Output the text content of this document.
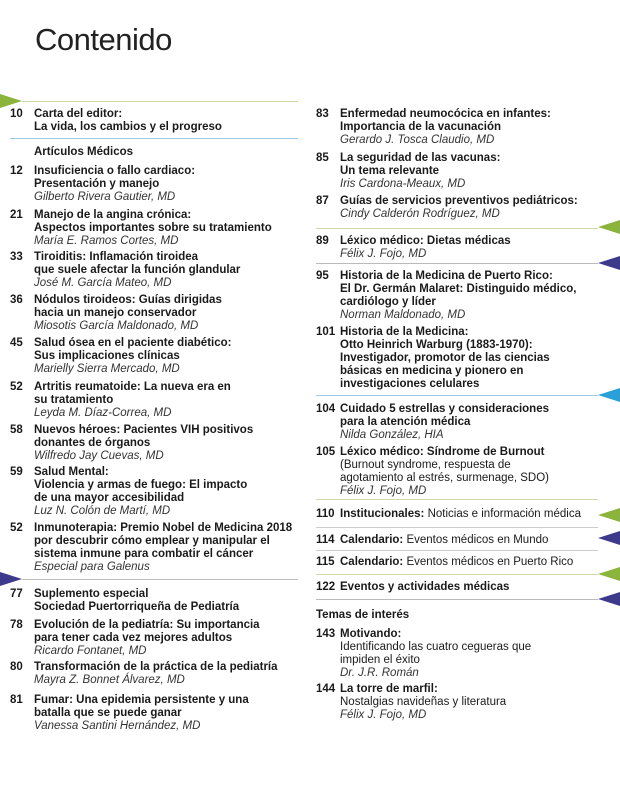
Contenido
10 Carta del editor:
La vida, los cambios y el progreso
Artículos Médicos
12 Insuficiencia o fallo cardiaco:
Presentación y manejo
Gilberto Rivera Gautier, MD
21 Manejo de la angina crónica:
Aspectos importantes sobre su tratamiento
María E. Ramos Cortes, MD
33 Tiroiditis: Inflamación tiroidea
que suele afectar la función glandular
José M. García Mateo, MD
36 Nódulos tiroideos: Guías dirigidas
hacia un manejo conservador
Miosotis García Maldonado, MD
45 Salud ósea en el paciente diabético:
Sus implicaciones clínicas
Marielly Sierra Mercado, MD
52 Artritis reumatoide: La nueva era en
su tratamiento
Leyda M. Díaz-Correa, MD
58 Nuevos héroes: Pacientes VIH positivos
donantes de órganos
Wilfredo Jay Cuevas, MD
59 Salud Mental:
Violencia y armas de fuego: El impacto
de una mayor accesibilidad
Luz N. Colón de Martí, MD
52 Inmunoterapia: Premio Nobel de Medicina 2018
por descubrir cómo emplear y manipular el
sistema inmune para combatir el cáncer
Especial para Galenus
77 Suplemento especial
Sociedad Puertorriqueña de Pediatría
78 Evolución de la pediatría: Su importancia
para tener cada vez mejores adultos
Ricardo Fontanet, MD
80 Transformación de la práctica de la pediatría
Mayra Z. Bonnet Álvarez, MD
81 Fumar: Una epidemia persistente y una
batalla que se puede ganar
Vanessa Santini Hernández, MD
83 Enfermedad neumocócica en infantes:
Importancia de la vacunación
Gerardo J. Tosca Claudio, MD
85 La seguridad de las vacunas:
Un tema relevante
Iris Cardona-Meaux, MD
87 Guías de servicios preventivos pediátricos:
Cindy Calderón Rodríguez, MD
89 Léxico médico: Dietas médicas
Félix J. Fojo, MD
95 Historia de la Medicina de Puerto Rico:
El Dr. Germán Malaret: Distinguido médico,
cardiólogo y líder
Norman Maldonado, MD
101 Historia de la Medicina:
Otto Heinrich Warburg (1883-1970):
Investigador, promotor de las ciencias
básicas en medicina y pionero en
investigaciones celulares
104 Cuidado 5 estrellas y consideraciones
para la atención médica
Nilda González, HIA
105 Léxico médico: Síndrome de Burnout
(Burnout syndrome, respuesta de
agotamiento al estrés, surmenage, SDO)
Félix J. Fojo, MD
110 Institucionales: Noticias e información médica
114 Calendario: Eventos médicos en Mundo
115 Calendario: Eventos médicos en Puerto Rico
122 Eventos y actividades médicas
Temas de interés
143 Motivando:
Identificando las cuatro cegueras que
impiden el éxito
Dr. J.R. Román
144 La torre de marfil:
Nostalgias navideñas y literatura
Félix J. Fojo, MD
